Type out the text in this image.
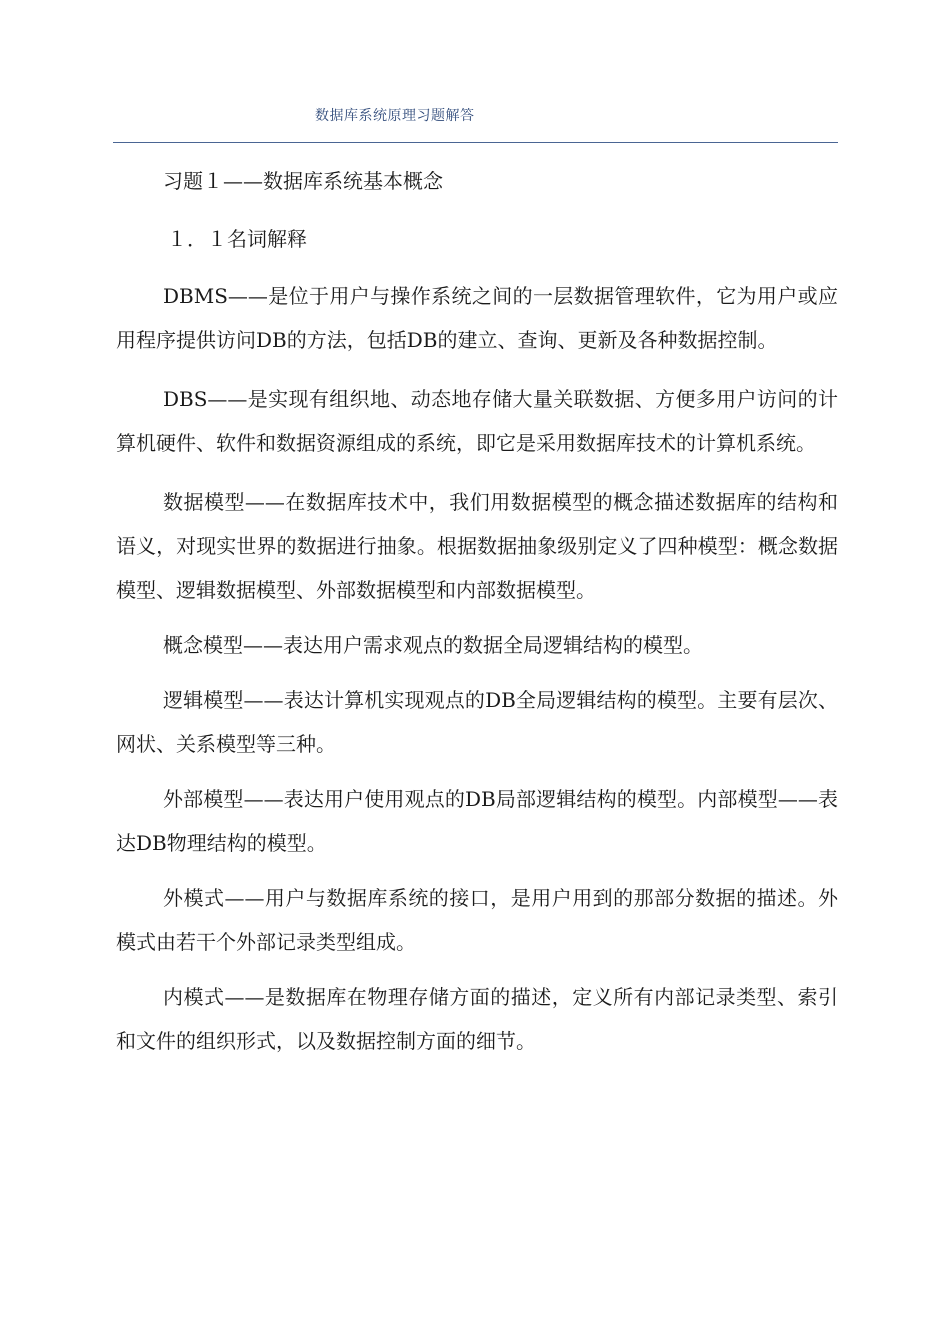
数据库系统原理习题解答
习题１——数据库系统基本概念
１．１名词解释

DBMS——是位于用户与操作系统之间的一层数据管理软件，它为用户或应用程序提供访问DB的方法，包括DB的建立、查询、更新及各种数据控制。

DBS——是实现有组织地、动态地存储大量关联数据、方便多用户访问的计算机硬件、软件和数据资源组成的系统，即它是采用数据库技术的计算机系统。

数据模型——在数据库技术中，我们用数据模型的概念描述数据库的结构和语义，对现实世界的数据进行抽象。根据数据抽象级别定义了四种模型：概念数据模型、逻辑数据模型、外部数据模型和内部数据模型。

概念模型——表达用户需求观点的数据全局逻辑结构的模型。

逻辑模型——表达计算机实现观点的DB全局逻辑结构的模型。主要有层次、网状、关系模型等三种。

外部模型——表达用户使用观点的DB局部逻辑结构的模型。内部模型——表达DB物理结构的模型。

外模式——用户与数据库系统的接口，是用户用到的那部分数据的描述。外模式由若干个外部记录类型组成。

内模式——是数据库在物理存储方面的描述，定义所有内部记录类型、索引和文件的组织形式，以及数据控制方面的细节。
